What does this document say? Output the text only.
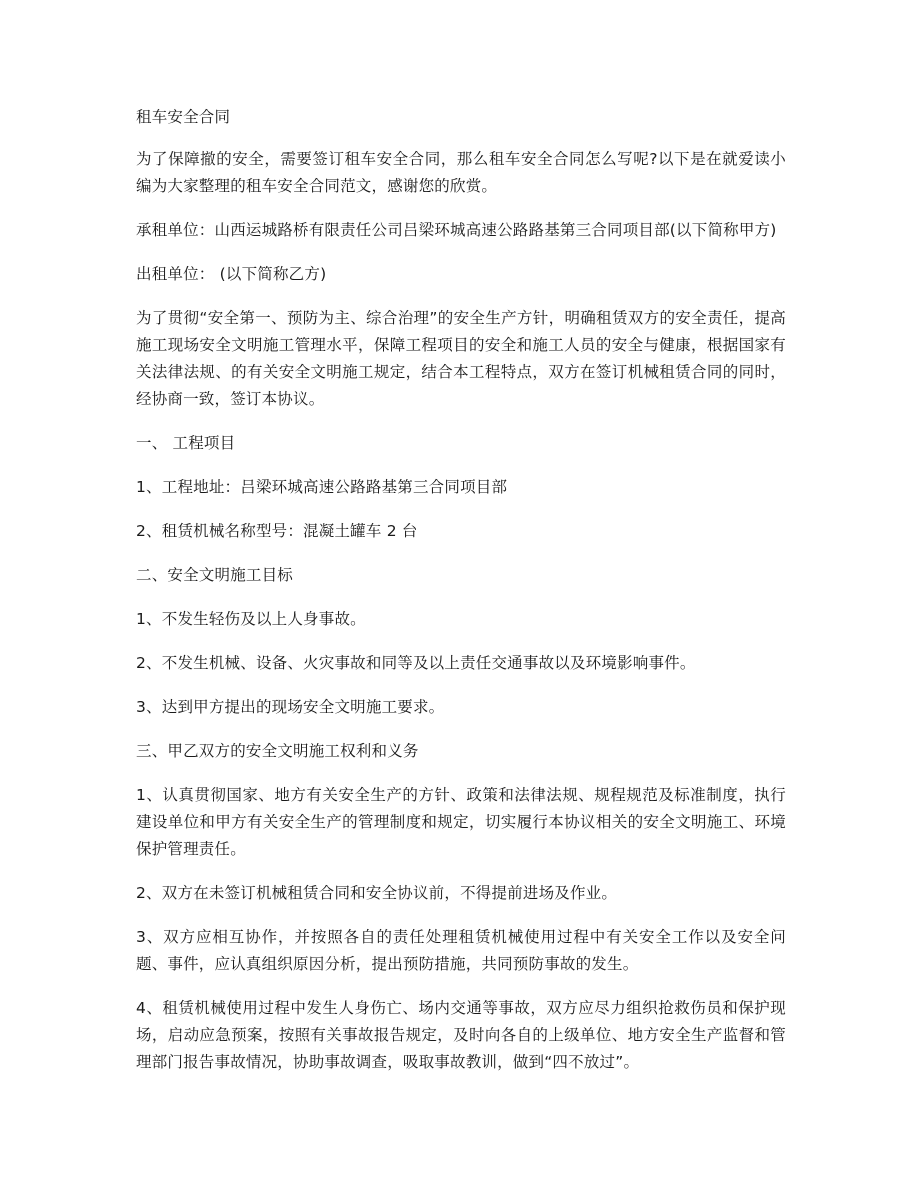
租车安全合同

为了保障撤的安全，需要签订租车安全合同，那么租车安全合同怎么写呢?以下是在就爱读小编为大家整理的租车安全合同范文，感谢您的欣赏。

承租单位：山西运城路桥有限责任公司吕梁环城高速公路路基第三合同项目部(以下简称甲方)

出租单位： (以下简称乙方)

为了贯彻“安全第一、预防为主、综合治理”的安全生产方针，明确租赁双方的安全责任，提高施工现场安全文明施工管理水平，保障工程项目的安全和施工人员的安全与健康，根据国家有关法律法规、的有关安全文明施工规定，结合本工程特点，双方在签订机械租赁合同的同时，经协商一致，签订本协议。

一、 工程项目

1、工程地址：吕梁环城高速公路路基第三合同项目部

2、租赁机械名称型号：混凝土罐车 2 台

二、安全文明施工目标

1、不发生轻伤及以上人身事故。

2、不发生机械、设备、火灾事故和同等及以上责任交通事故以及环境影响事件。

3、达到甲方提出的现场安全文明施工要求。

三、甲乙双方的安全文明施工权利和义务

1、认真贯彻国家、地方有关安全生产的方针、政策和法律法规、规程规范及标准制度，执行建设单位和甲方有关安全生产的管理制度和规定，切实履行本协议相关的安全文明施工、环境保护管理责任。

2、双方在未签订机械租赁合同和安全协议前，不得提前进场及作业。

3、双方应相互协作，并按照各自的责任处理租赁机械使用过程中有关安全工作以及安全问题、事件，应认真组织原因分析，提出预防措施，共同预防事故的发生。

4、租赁机械使用过程中发生人身伤亡、场内交通等事故，双方应尽力组织抢救伤员和保护现场，启动应急预案，按照有关事故报告规定，及时向各自的上级单位、地方安全生产监督和管理部门报告事故情况，协助事故调查，吸取事故教训，做到“四不放过”。
